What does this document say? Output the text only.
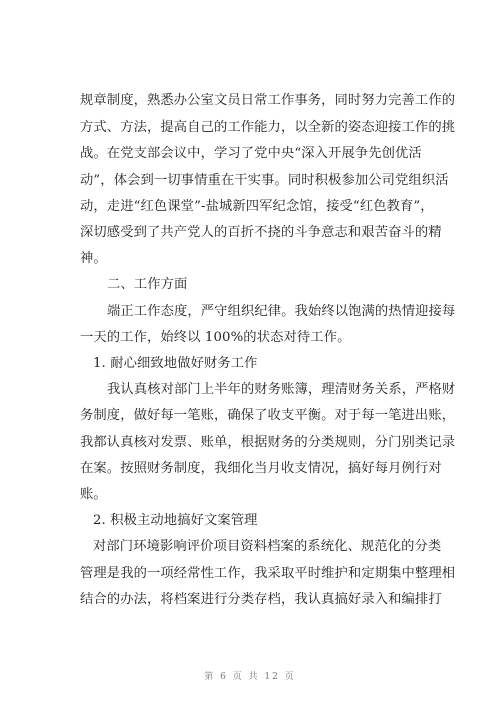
规章制度，熟悉办公室文员日常工作事务，同时努力完善工作的
方式、方法，提高自己的工作能力，以全新的姿态迎接工作的挑
战。在党支部会议中，学习了党中央“深入开展争先创优活
动”，体会到一切事情重在干实事。同时积极参加公司党组织活
动，走进“红色课堂”-盐城新四军纪念馆，接受“红色教育”，
深切感受到了共产党人的百折不挠的斗争意志和艰苦奋斗的精
神。
二、工作方面
端正工作态度，严守组织纪律。我始终以饱满的热情迎接每
一天的工作，始终以 100%的状态对待工作。
1. 耐心细致地做好财务工作
我认真核对部门上半年的财务账簿，理清财务关系，严格财
务制度，做好每一笔账，确保了收支平衡。对于每一笔进出账，
我都认真核对发票、账单，根据财务的分类规则，分门别类记录
在案。按照财务制度，我细化当月收支情况，搞好每月例行对
账。
2. 积极主动地搞好文案管理
对部门环境影响评价项目资料档案的系统化、规范化的分类
管理是我的一项经常性工作，我采取平时维护和定期集中整理相
结合的办法，将档案进行分类存档，我认真搞好录入和编排打
第 6 页 共 12 页
